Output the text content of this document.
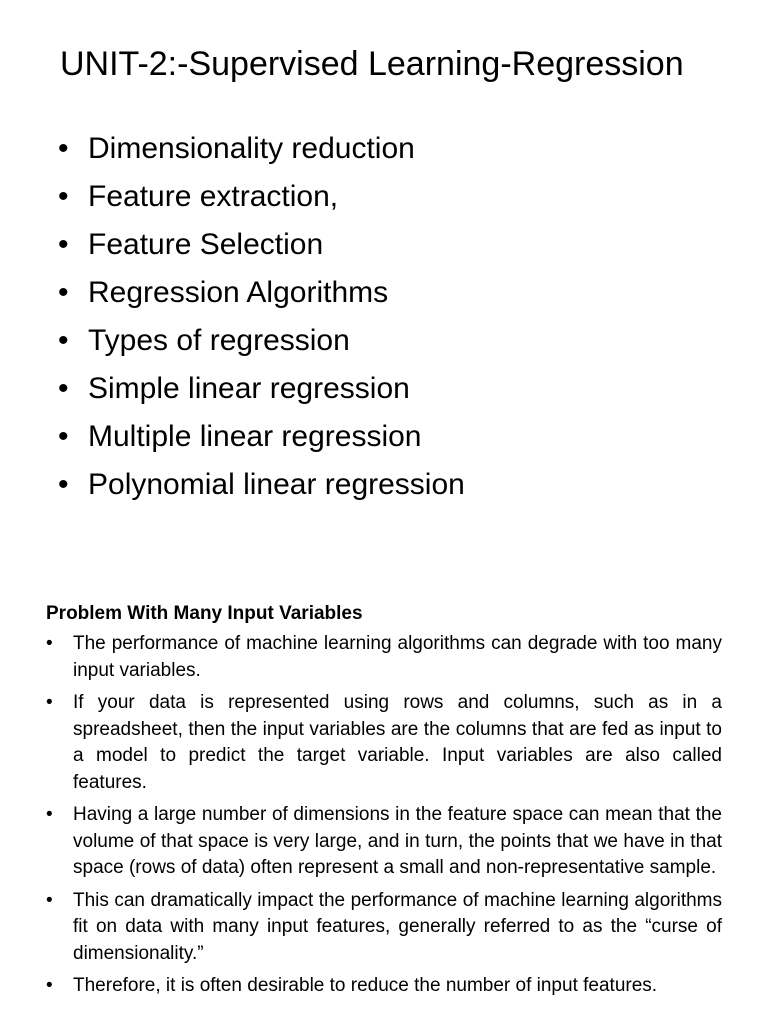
UNIT-2:-Supervised Learning-Regression
• Dimensionality reduction
• Feature extraction,
• Feature Selection
• Regression Algorithms
• Types of regression
• Simple linear regression
• Multiple linear regression
• Polynomial linear regression
Problem With Many Input Variables
• The performance of machine learning algorithms can degrade with too many input variables.
• If your data is represented using rows and columns, such as in a spreadsheet, then the input variables are the columns that are fed as input to a model to predict the target variable. Input variables are also called features.
• Having a large number of dimensions in the feature space can mean that the volume of that space is very large, and in turn, the points that we have in that space (rows of data) often represent a small and non-representative sample.
• This can dramatically impact the performance of machine learning algorithms fit on data with many input features, generally referred to as the “curse of dimensionality.”
• Therefore, it is often desirable to reduce the number of input features.
